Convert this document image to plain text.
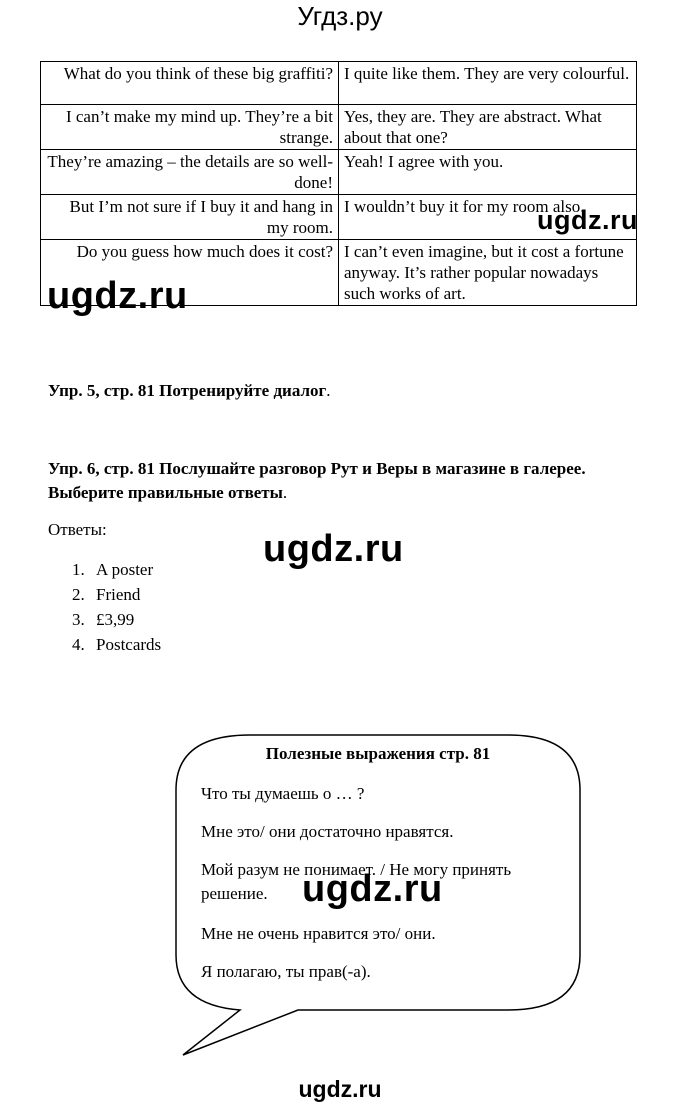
Угдз.ру
What do you think of these big graffiti?	I quite like them. They are very colourful.
I can’t make my mind up. They’re a bit strange.	Yes, they are. They are abstract. What about that one?
They’re amazing – the details are so well-done!	Yeah! I agree with you.
But I’m not sure if I buy it and hang in my room.	I wouldn’t buy it for my room also.
Do you guess how much does it cost?	I can’t even imagine, but it cost a fortune anyway. It’s rather popular nowadays such works of art.
ugdz.ru
ugdz.ru
Упр. 5, стр. 81 Потренируйте диалог.
Упр. 6, стр. 81 Послушайте разговор Рут и Веры в магазине в галерее. Выберите правильные ответы.
Ответы:	ugdz.ru
1. A poster
2. Friend
3. £3,99
4. Postcards
Полезные выражения стр. 81
Что ты думаешь о … ?
Мне это/ они достаточно нравятся.
Мой разум не понимает. / Не могу принять решение.
Мне не очень нравится это/ они.
Я полагаю, ты прав(-а).
ugdz.ru
ugdz.ru
